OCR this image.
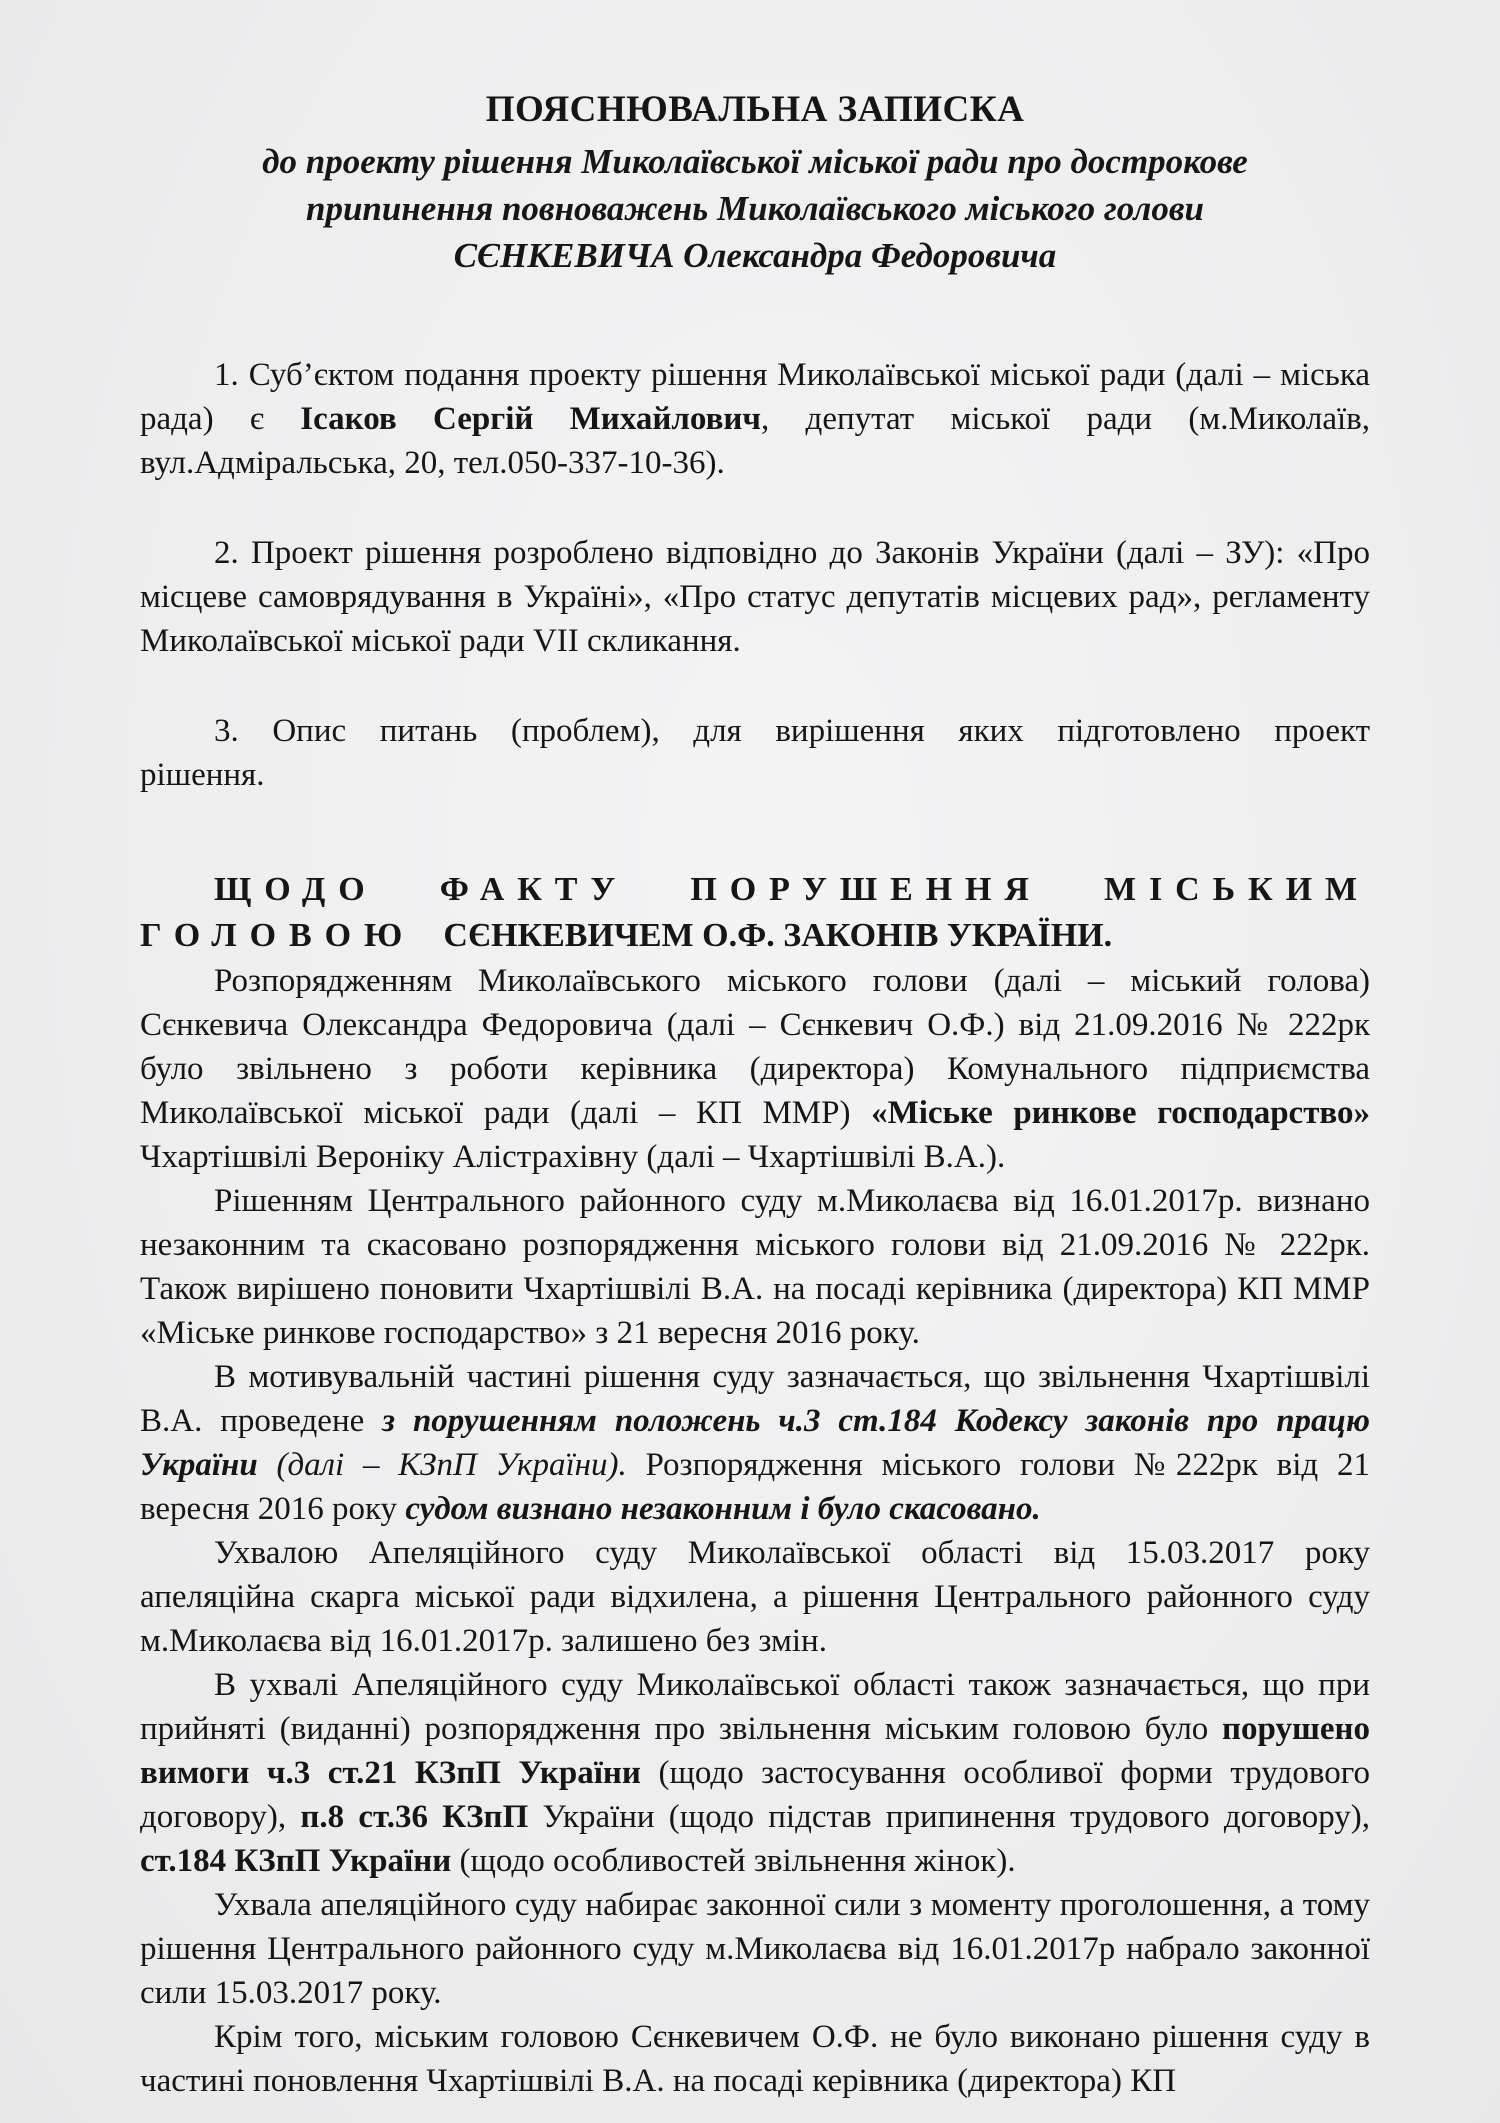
ПОЯСНЮВАЛЬНА ЗАПИСКА
до проекту рішення Миколаївської міської ради про дострокове
припинення повноважень Миколаївського міського голови
СЄНКЕВИЧА Олександра Федоровича

1. Суб’єктом подання проекту рішення Миколаївської міської ради (далі – міська рада) є Ісаков Сергій Михайлович, депутат міської ради (м.Миколаїв, вул.Адміральська, 20, тел.050-337-10-36).

2. Проект рішення розроблено відповідно до Законів України (далі – ЗУ): «Про місцеве самоврядування в Україні», «Про статус депутатів місцевих рад», регламенту Миколаївської міської ради VII скликання.

3. Опис питань (проблем), для вирішення яких підготовлено проект рішення.

ЩОДО ФАКТУ ПОРУШЕННЯ МІСЬКИМ ГОЛОВОЮ СЄНКЕВИЧЕМ О.Ф. ЗАКОНІВ УКРАЇНИ.

Розпорядженням Миколаївського міського голови (далі – міський голова) Сєнкевича Олександра Федоровича (далі – Сєнкевич О.Ф.) від 21.09.2016 № 222рк було звільнено з роботи керівника (директора) Комунального підприємства Миколаївської міської ради (далі – КП ММР) «Міське ринкове господарство» Чхартішвілі Вероніку Алістрахівну (далі – Чхартішвілі В.А.).

Рішенням Центрального районного суду м.Миколаєва від 16.01.2017р. визнано незаконним та скасовано розпорядження міського голови від 21.09.2016 № 222рк. Також вирішено поновити Чхартішвілі В.А. на посаді керівника (директора) КП ММР «Міське ринкове господарство» з 21 вересня 2016 року.

В мотивувальній частині рішення суду зазначається, що звільнення Чхартішвілі В.А. проведене з порушенням положень ч.3 ст.184 Кодексу законів про працю України (далі – КЗпП України). Розпорядження міського голови №222рк від 21 вересня 2016 року судом визнано незаконним і було скасовано.

Ухвалою Апеляційного суду Миколаївської області від 15.03.2017 року апеляційна скарга міської ради відхилена, а рішення Центрального районного суду м.Миколаєва від 16.01.2017р. залишено без змін.

В ухвалі Апеляційного суду Миколаївської області також зазначається, що при прийняті (виданні) розпорядження про звільнення міським головою було порушено вимоги ч.3 ст.21 КЗпП України (щодо застосування особливої форми трудового договору), п.8 ст.36 КЗпП України (щодо підстав припинення трудового договору), ст.184 КЗпП України (щодо особливостей звільнення жінок).

Ухвала апеляційного суду набирає законної сили з моменту проголошення, а тому рішення Центрального районного суду м.Миколаєва від 16.01.2017р набрало законної сили 15.03.2017 року.

Крім того, міським головою Сєнкевичем О.Ф. не було виконано рішення суду в частині поновлення Чхартішвілі В.А. на посаді керівника (директора) КП
